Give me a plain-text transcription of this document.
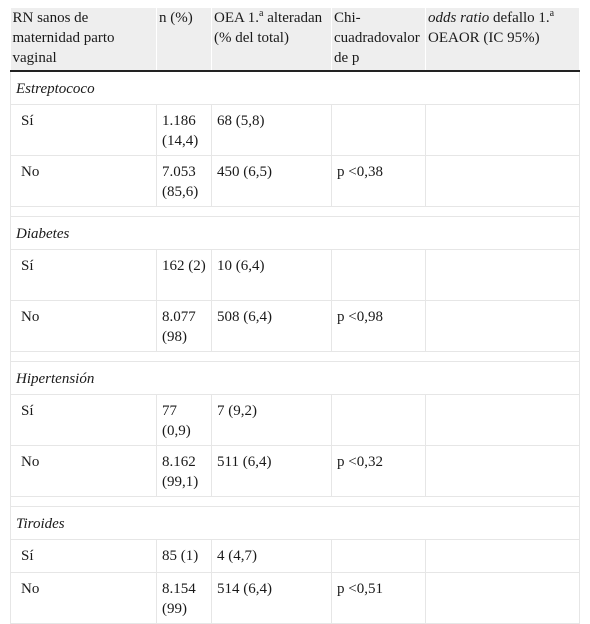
RN sanos de maternidad parto vaginal	n (%)	OEA 1.$^a$ alteradan (% del total)	Chi-cuadradovalor de p	odds ratio defallo 1.$^a$ OEAOR (IC 95%)

Estreptococo				
Sí	1.186 (14,4)	68 (5,8)		
No	7.053 (85,6)	450 (6,5)	p <0,38	

Diabetes				
Sí	162 (2)	10 (6,4)		
No	8.077 (98)	508 (6,4)	p <0,98	

Hipertensión				
Sí	77 (0,9)	7 (9,2)		
No	8.162 (99,1)	511 (6,4)	p <0,32	

Tiroides				
Sí	85 (1)	4 (4,7)		
No	8.154 (99)	514 (6,4)	p <0,51	
